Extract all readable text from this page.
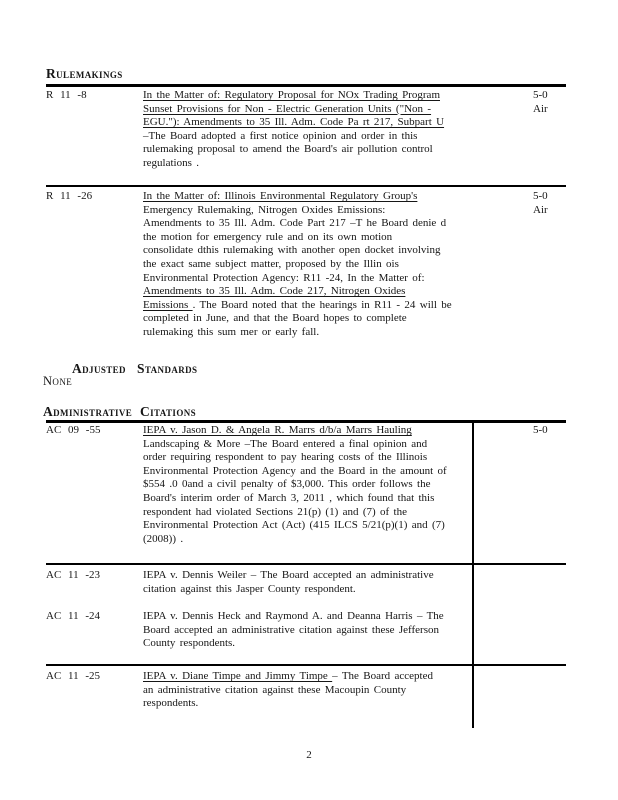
Rulemakings
R 11 -8	In the Matter of: Regulatory Proposal for NOx Trading Program
Sunset Provisions for Non - Electric Generation Units ("Non -
EGU."): Amendments to 35 Ill. Adm. Code Pa rt 217, Subpart U
–The Board adopted a first notice opinion and order in this
rulemaking proposal to amend the Board's air pollution control
regulations .
5-0
Air
R 11 -26	In the Matter of: Illinois Environmental Regulatory Group's
Emergency Rulemaking, Nitrogen Oxides Emissions:
Amendments to 35 Ill. Adm. Code Part 217 –T he Board denie d
the motion for emergency rule and on its own motion
consolidate dthis rulemaking with another open docket involving
the exact same subject matter, proposed by the Illin ois
Environmental Protection Agency: R11 -24, In the Matter of:
Amendments to 35 Ill. Adm. Code 217, Nitrogen Oxides
Emissions . The Board noted that the hearings in R11 - 24 will be
completed in June, and that the Board hopes to complete
rulemaking this sum mer or early fall.
5-0
Air
Adjusted Standards
None
Administrative Citations
AC 09 -55	IEPA v. Jason D. & Angela R. Marrs d/b/a Marrs Hauling
Landscaping & More –The Board entered a final opinion and
order requiring respondent to pay hearing costs of the Illinois
Environmental Protection Agency and the Board in the amount of
$554 .0 0and a civil penalty of $3,000. This order follows the
Board's interim order of March 3, 2011 , which found that this
respondent had violated Sections 21(p) (1) and (7) of the
Environmental Protection Act (Act) (415 ILCS 5/21(p)(1) and (7)
(2008)) .
5-0
AC 11 -23	IEPA v. Dennis Weiler – The Board accepted an administrative
citation against this Jasper County respondent.
AC 11 -24	IEPA v. Dennis Heck and Raymond A. and Deanna Harris – The
Board accepted an administrative citation against these Jefferson
County respondents.
AC 11 -25	IEPA v. Diane Timpe and Jimmy Timpe – The Board accepted
an administrative citation against these Macoupin County
respondents.
2
